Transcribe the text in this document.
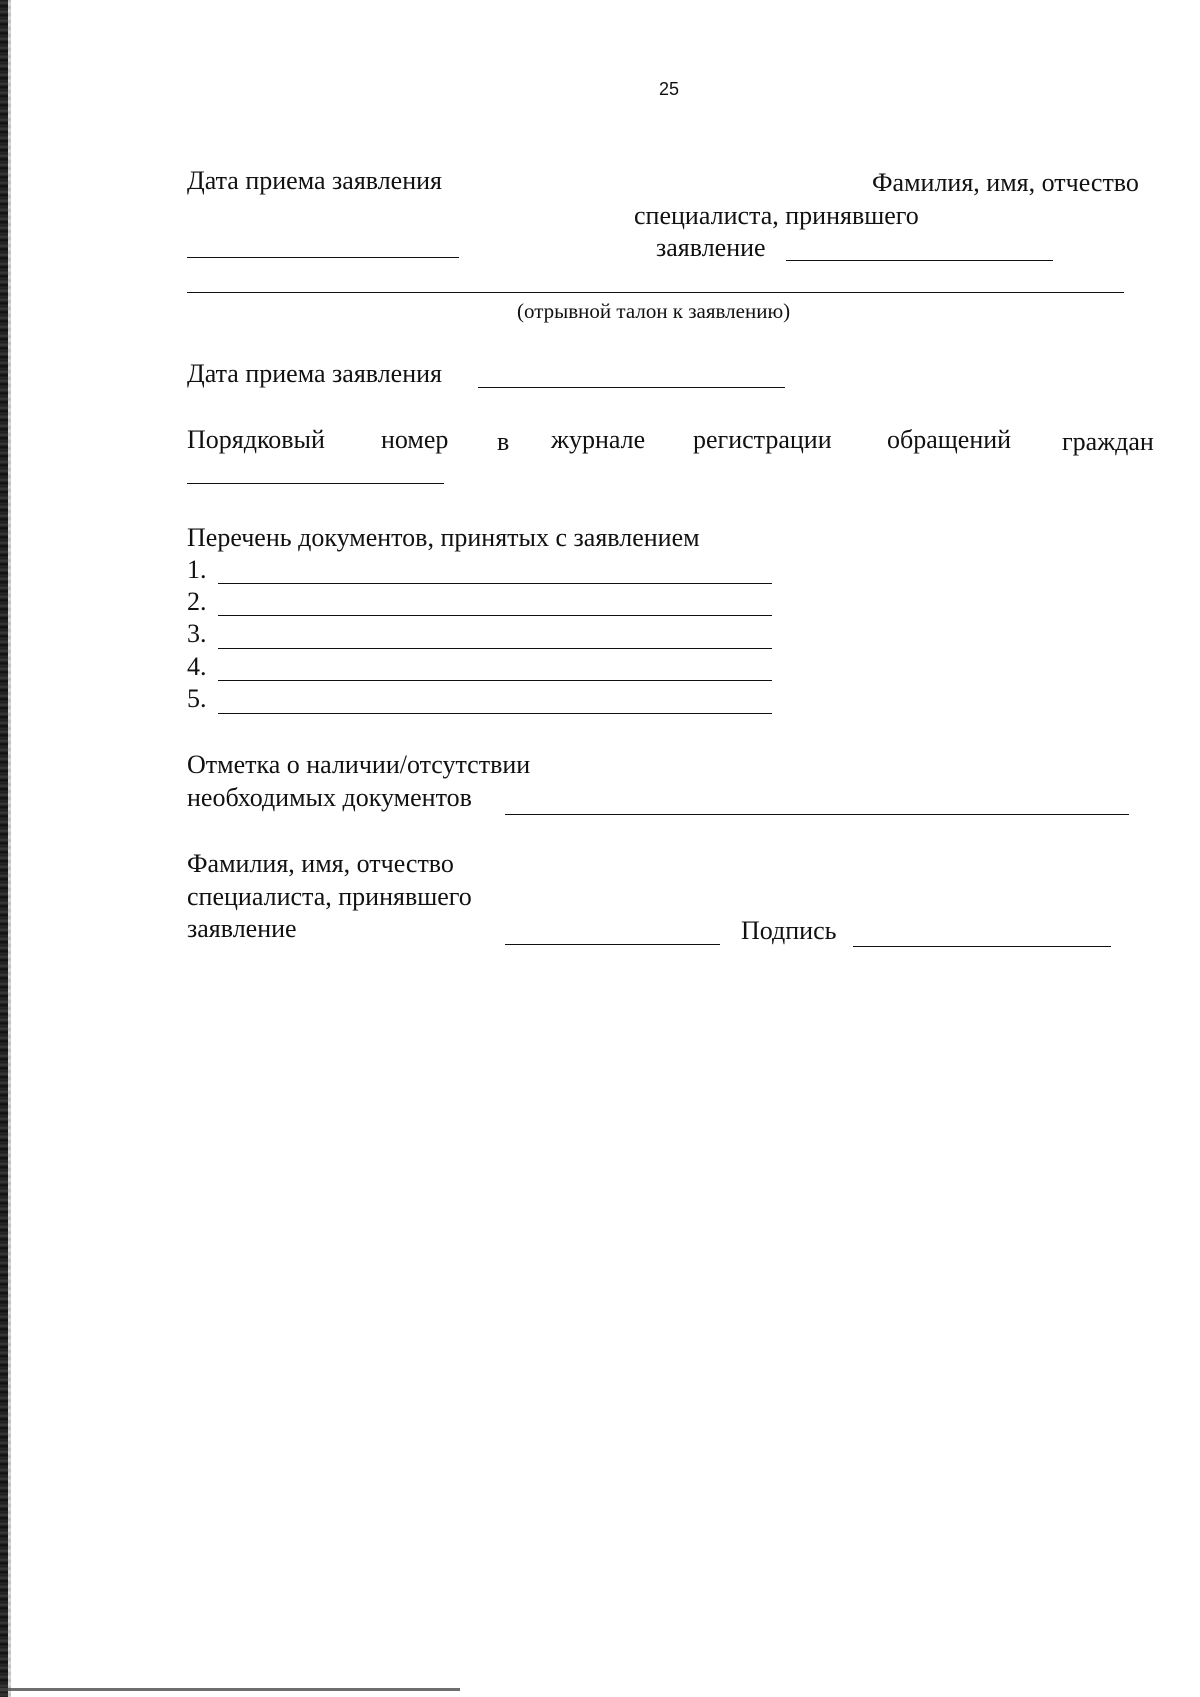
25
Дата приема заявления	Фамилия, имя, отчество
специалиста, принявшего
заявление
(отрывной талон к заявлению)
Дата приема заявления
Порядковый номер в журнале регистрации обращений граждан
Перечень документов, принятых с заявлением
1.
2.
3.
4.
5.
Отметка о наличии/отсутствии
необходимых документов
Фамилия, имя, отчество
специалиста, принявшего
заявление	Подпись
